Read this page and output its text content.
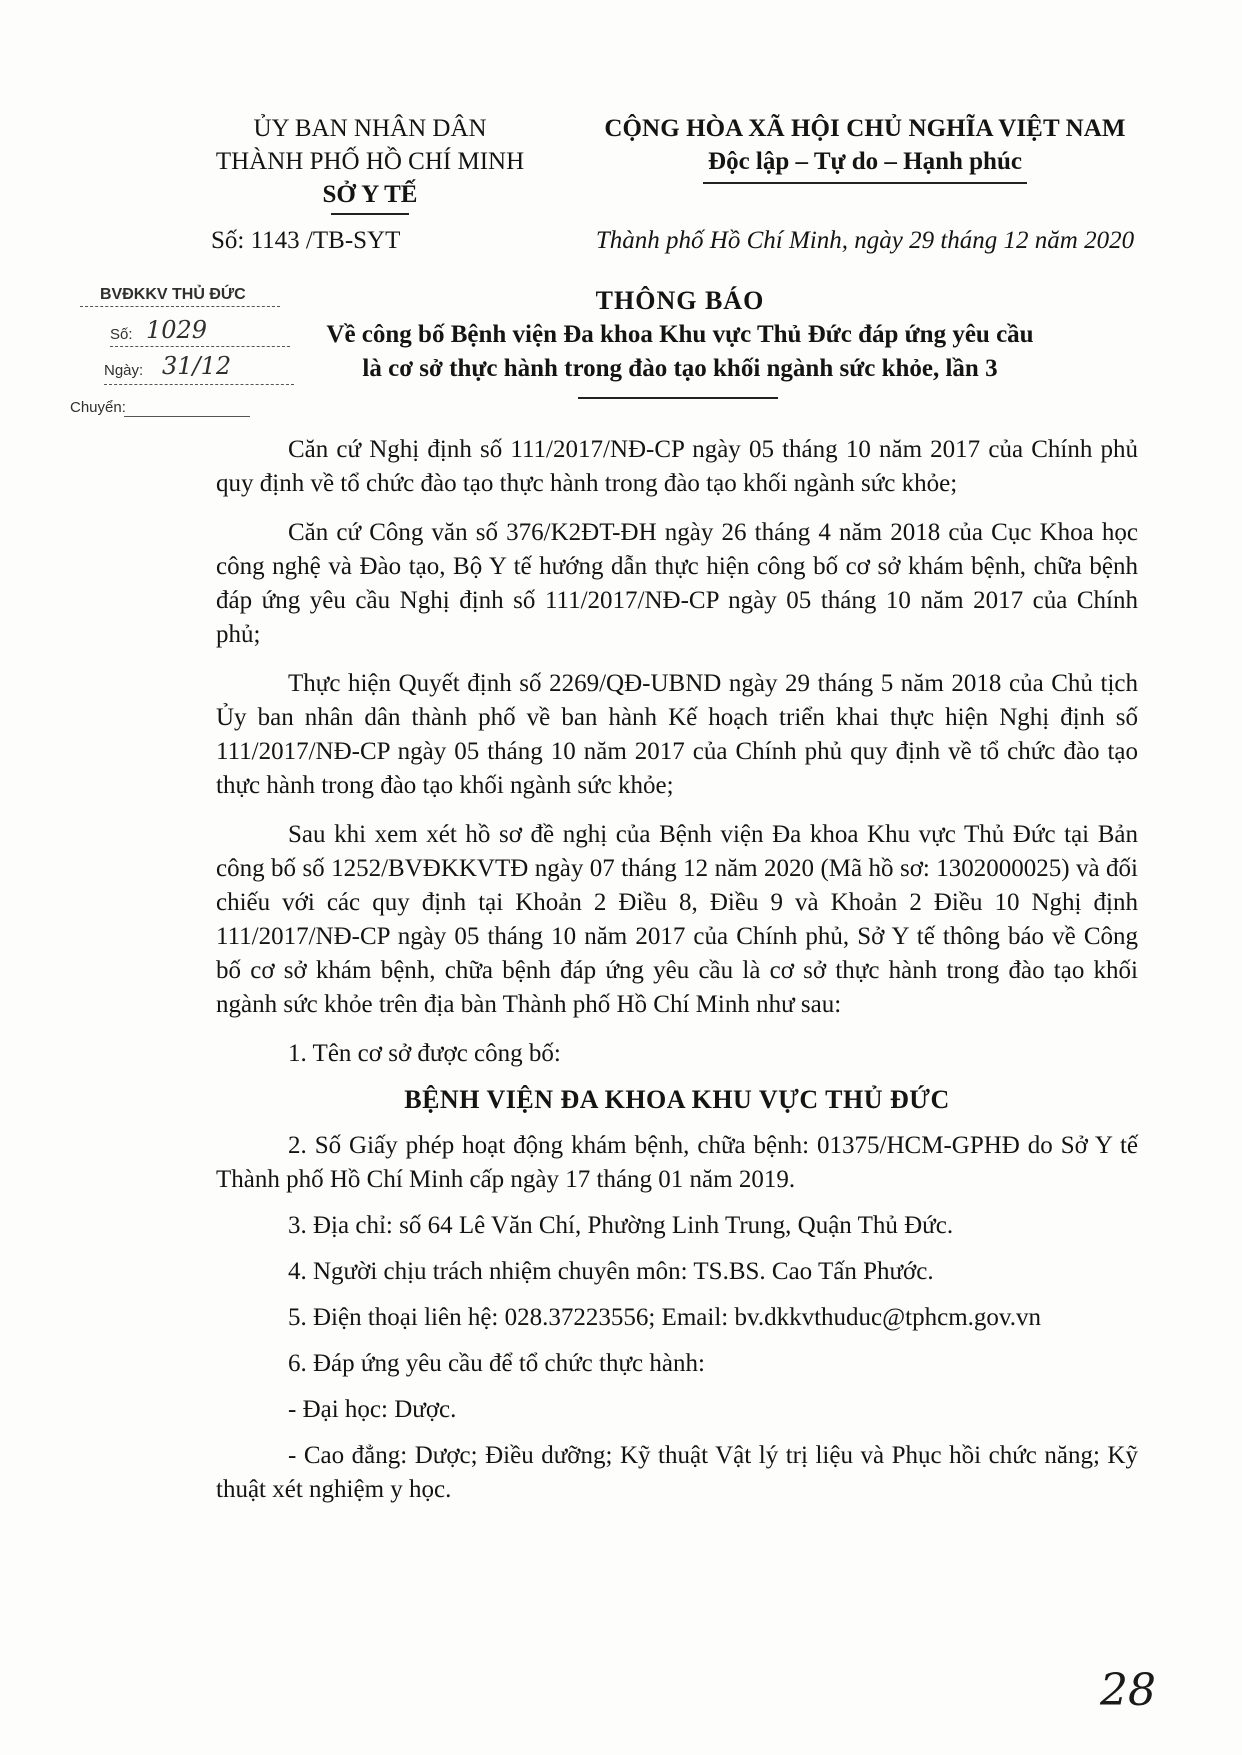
ỦY BAN NHÂN DÂN
THÀNH PHỐ HỒ CHÍ MINH
SỞ Y TẾ
Số: 1143 /TB-SYT
CỘNG HÒA XÃ HỘI CHỦ NGHĨA VIỆT NAM
Độc lập – Tự do – Hạnh phúc
Thành phố Hồ Chí Minh, ngày 29 tháng 12 năm 2020
THÔNG BÁO
Về công bố Bệnh viện Đa khoa Khu vực Thủ Đức đáp ứng yêu cầu
là cơ sở thực hành trong đào tạo khối ngành sức khỏe, lần 3
BVĐKKV THỦ ĐỨC
Số: 1029
Ngày: 31/12
Chuyển:

Căn cứ Nghị định số 111/2017/NĐ-CP ngày 05 tháng 10 năm 2017 của Chính phủ quy định về tổ chức đào tạo thực hành trong đào tạo khối ngành sức khỏe;

Căn cứ Công văn số 376/K2ĐT-ĐH ngày 26 tháng 4 năm 2018 của Cục Khoa học công nghệ và Đào tạo, Bộ Y tế hướng dẫn thực hiện công bố cơ sở khám bệnh, chữa bệnh đáp ứng yêu cầu Nghị định số 111/2017/NĐ-CP ngày 05 tháng 10 năm 2017 của Chính phủ;

Thực hiện Quyết định số 2269/QĐ-UBND ngày 29 tháng 5 năm 2018 của Chủ tịch Ủy ban nhân dân thành phố về ban hành Kế hoạch triển khai thực hiện Nghị định số 111/2017/NĐ-CP ngày 05 tháng 10 năm 2017 của Chính phủ quy định về tổ chức đào tạo thực hành trong đào tạo khối ngành sức khỏe;

Sau khi xem xét hồ sơ đề nghị của Bệnh viện Đa khoa Khu vực Thủ Đức tại Bản công bố số 1252/BVĐKKVTĐ ngày 07 tháng 12 năm 2020 (Mã hồ sơ: 1302000025) và đối chiếu với các quy định tại Khoản 2 Điều 8, Điều 9 và Khoản 2 Điều 10 Nghị định 111/2017/NĐ-CP ngày 05 tháng 10 năm 2017 của Chính phủ, Sở Y tế thông báo về Công bố cơ sở khám bệnh, chữa bệnh đáp ứng yêu cầu là cơ sở thực hành trong đào tạo khối ngành sức khỏe trên địa bàn Thành phố Hồ Chí Minh như sau:

1. Tên cơ sở được công bố:

BỆNH VIỆN ĐA KHOA KHU VỰC THỦ ĐỨC

2. Số Giấy phép hoạt động khám bệnh, chữa bệnh: 01375/HCM-GPHĐ do Sở Y tế Thành phố Hồ Chí Minh cấp ngày 17 tháng 01 năm 2019.

3. Địa chỉ: số 64 Lê Văn Chí, Phường Linh Trung, Quận Thủ Đức.

4. Người chịu trách nhiệm chuyên môn: TS.BS. Cao Tấn Phước.

5. Điện thoại liên hệ: 028.37223556; Email: bv.dkkvthuduc@tphcm.gov.vn

6. Đáp ứng yêu cầu để tổ chức thực hành:

- Đại học: Dược.

- Cao đẳng: Dược; Điều dưỡng; Kỹ thuật Vật lý trị liệu và Phục hồi chức năng; Kỹ thuật xét nghiệm y học.

28
